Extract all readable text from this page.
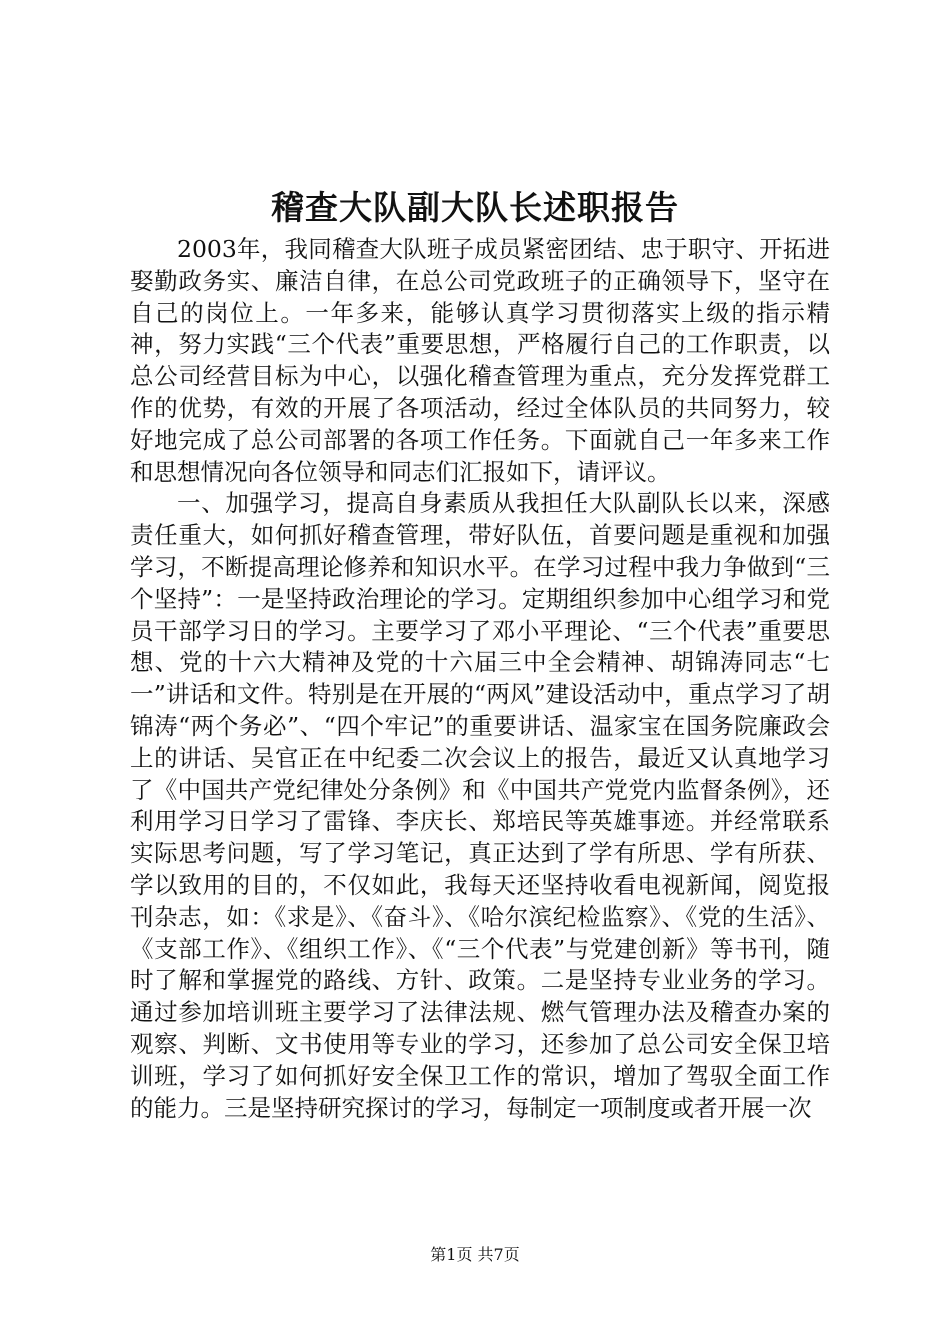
稽查大队副大队长述职报告

2003年，我同稽查大队班子成员紧密团结、忠于职守、开拓进娶勤政务实、廉洁自律，在总公司党政班子的正确领导下，坚守在自己的岗位上。一年多来，能够认真学习贯彻落实上级的指示精神，努力实践“三个代表”重要思想，严格履行自己的工作职责，以总公司经营目标为中心，以强化稽查管理为重点，充分发挥党群工作的优势，有效的开展了各项活动，经过全体队员的共同努力，较好地完成了总公司部署的各项工作任务。下面就自己一年多来工作和思想情况向各位领导和同志们汇报如下，请评议。

一、加强学习，提高自身素质从我担任大队副队长以来，深感责任重大，如何抓好稽查管理，带好队伍，首要问题是重视和加强学习，不断提高理论修养和知识水平。在学习过程中我力争做到“三个坚持”：一是坚持政治理论的学习。定期组织参加中心组学习和党员干部学习日的学习。主要学习了邓小平理论、“三个代表”重要思想、党的十六大精神及党的十六届三中全会精神、胡锦涛同志“七一”讲话和文件。特别是在开展的“两风”建设活动中，重点学习了胡锦涛“两个务必”、“四个牢记”的重要讲话、温家宝在国务院廉政会上的讲话、吴官正在中纪委二次会议上的报告，最近又认真地学习了《中国共产党纪律处分条例》和《中国共产党党内监督条例》，还利用学习日学习了雷锋、李庆长、郑培民等英雄事迹。并经常联系实际思考问题，写了学习笔记，真正达到了学有所思、学有所获、学以致用的目的，不仅如此，我每天还坚持收看电视新闻，阅览报刊杂志，如：《求是》、《奋斗》、《哈尔滨纪检监察》、《党的生活》、《支部工作》、《组织工作》、《“三个代表”与党建创新》等书刊，随时了解和掌握党的路线、方针、政策。二是坚持专业业务的学习。通过参加培训班主要学习了法律法规、燃气管理办法及稽查办案的观察、判断、文书使用等专业的学习，还参加了总公司安全保卫培训班，学习了如何抓好安全保卫工作的常识，增加了驾驭全面工作的能力。三是坚持研究探讨的学习，每制定一项制度或者开展一次

第1页 共7页
